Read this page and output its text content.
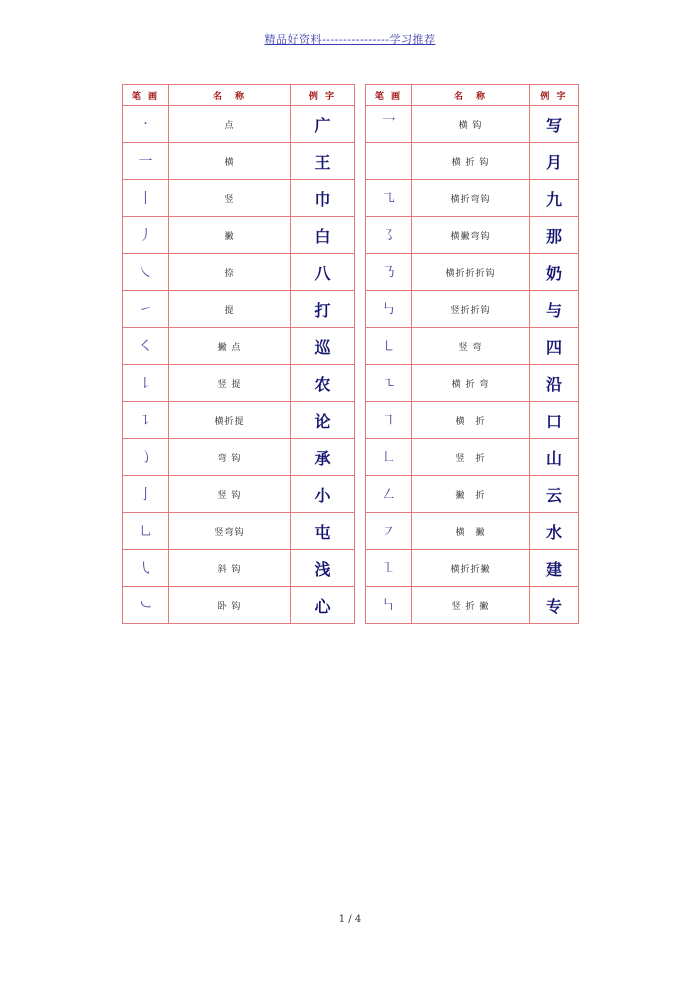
精品好资料----------------学习推荐
笔 画	名　称	例 字
·	点	广
一	横	王
丨	竖	巾
丿	撇	白
㇏	捺	八
㇀	提	打
㇛	撇 点	巡
㇙	竖 提	农
㇊	横折提	论
㇁	弯 钩	承
亅	竖 钩	小
㇟	竖弯钩	屯
㇂	斜 钩	浅
㇃	卧 钩	心
笔 画	名　称	例 字
乛	横 钩	写
	横 折 钩	月
㇈	横折弯钩	九
㇌	横撇弯钩	那
㇡	横折折折钩	奶
㇉	竖折折钩	与
㇄	竖 弯	四
㇍	横 折 弯	沿
㇕	横　折	口
㇗	竖　折	山
㇜	撇　折	云
㇇	横　撇	水
㇅	横折折撇	建
㇞	竖 折 撇	专
1 / 4
